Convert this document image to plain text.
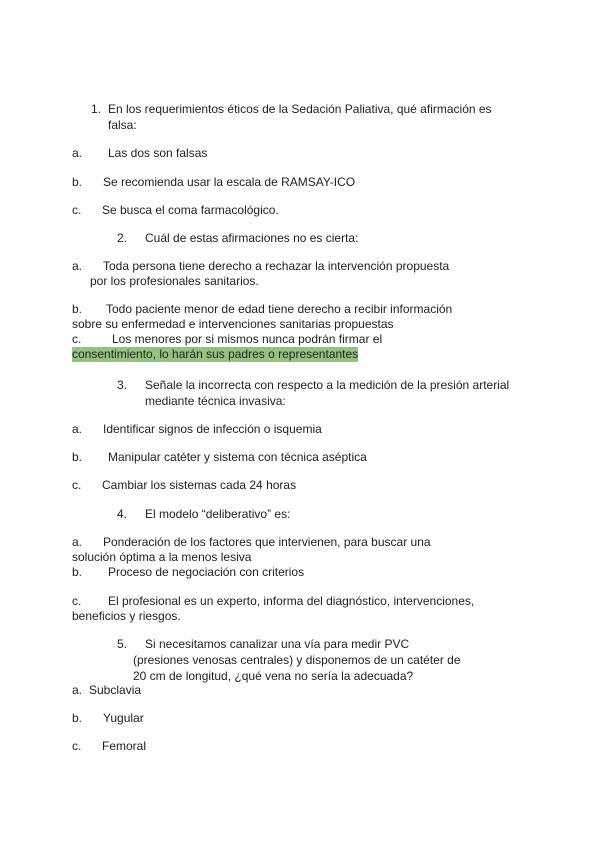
1. En los requerimientos éticos de la Sedación Paliativa, qué afirmación es
falsa:
a. Las dos son falsas
b. Se recomienda usar la escala de RAMSAY-ICO
c. Se busca el coma farmacológico.
2. Cuál de estas afirmaciones no es cierta:
a. Toda persona tiene derecho a rechazar la intervención propuesta
por los profesionales sanitarios.
b. Todo paciente menor de edad tiene derecho a recibir información
sobre su enfermedad e intervenciones sanitarias propuestas
c.	Los menores por si mismos nunca podrán firmar el
consentimiento, lo harán sus padres o representantes
3. Señale la incorrecta con respecto a la medición de la presión arterial
mediante técnica invasiva:
a. Identificar signos de infección o isquemia
b. Manipular catéter y sistema con técnica aséptica
c. Cambiar los sistemas cada 24 horas
4. El modelo “deliberativo” es:
a. Ponderación de los factores que intervienen, para buscar una
solución óptima a la menos lesiva
b. Proceso de negociación con criterios
c. El profesional es un experto, informa del diagnóstico, intervenciones,
beneficios y riesgos.
5. Si necesitamos canalizar una vía para medir PVC
(presiones venosas centrales) y disponemos de un catéter de
20 cm de longitud, ¿qué vena no sería la adecuada?
a. Subclavia
b. Yugular
c. Femoral
